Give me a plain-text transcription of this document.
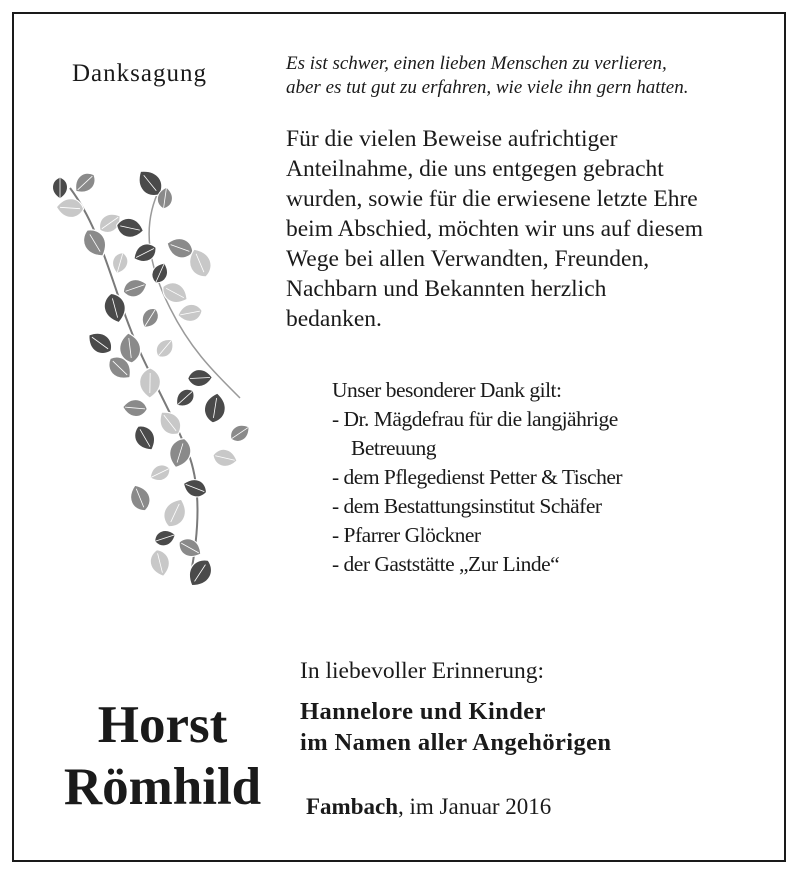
Danksagung	Es ist schwer, einen lieben Menschen zu verlieren,
aber es tut gut zu erfahren, wie viele ihn gern hatten.
Für die vielen Beweise aufrichtiger
Anteilnahme, die uns entgegen gebracht
wurden, sowie für die erwiesene letzte Ehre
beim Abschied, möchten wir uns auf diesem
Wege bei allen Verwandten, Freunden,
Nachbarn und Bekannten herzlich
bedanken.
Unser besonderer Dank gilt:
- Dr. Mägdefrau für die langjährige
Betreuung
- dem Pflegedienst Petter & Tischer
- dem Bestattungsinstitut Schäfer
- Pfarrer Glöckner
- der Gaststätte „Zur Linde“
In liebevoller Erinnerung:
Hannelore und Kinder
im Namen aller Angehörigen
Horst
Römhild	Fambach, im Januar 2016
